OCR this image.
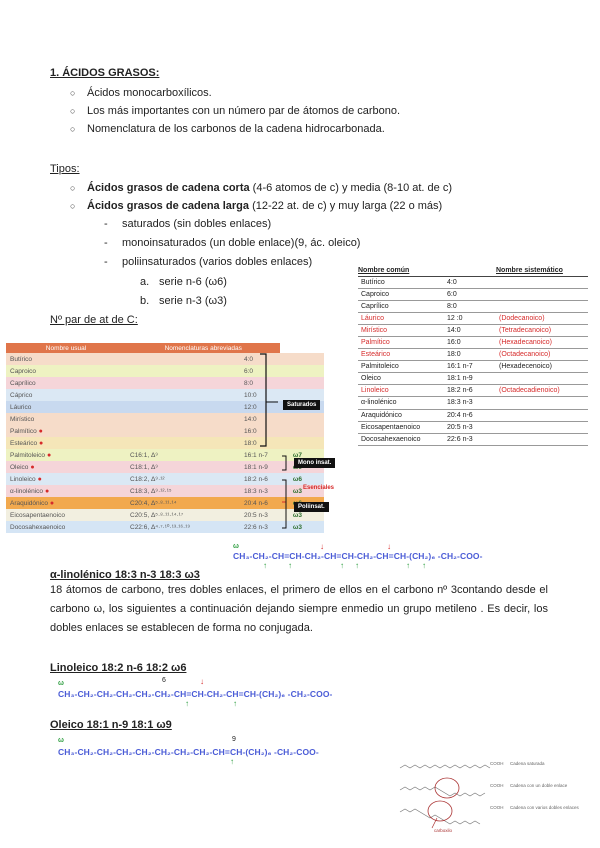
1. ÁCIDOS GRASOS:
○ Ácidos monocarboxílicos.
○ Los más importantes con un número par de átomos de carbono.
○ Nomenclatura de los carbonos de la cadena hidrocarbonada.
Tipos:
○ Ácidos grasos de cadena corta (4-6 atomos de c) y media (8-10 at. de c)
○ Ácidos grasos de cadena larga (12-22 at. de c) y muy larga (22 o más)
- saturados (sin dobles enlaces)
- monoinsaturados (un doble enlace)(9, ác. oleico)
- poliinsaturados (varios dobles enlaces)
a. serie n-6 (ω6)
b. serie n-3 (ω3)
Nº par de at de C:
Nombre común		Nombre sistemático
Butírico	4:0	
Caproico	6:0	
Caprílico	8:0	
Láurico	12 :0	(Dodecanoico)
Mirístico	14:0	(Tetradecanoico)
Palmítico	16:0	(Hexadecanoico)
Esteárico	18:0	(Octadecanoico)
Palmitoleico	16:1 n-7	(Hexadecenoico)
Oleico	18:1 n-9	
Linoleico	18:2 n-6	(Octadecadienoico)
α-linolénico	18:3 n-3	
Araquidónico	20:4 n-6	
Eicosapentaenoico	20:5 n-3	
Docosahexaenoico	22:6 n-3	
Nombre usual	Nomenclaturas abreviadas		
Butírico		4:0	
Caproico		6:0	
Caprílico		8:0	
Cáprico		10:0	
Láurico		12:0	
Mirístico		14:0	
Palmítico ●		16:0	
Esteárico ●		18:0	
Palmitoleico ●	C16:1, Δ⁹	16:1 n-7	ω7

Oleico ●	C18:1, Δ⁹	18:1 n-9	

Linoleico ●	C18:2, Δ⁹·¹²	18:2 n-6	ω6

α-linolénico ●	C18:3, Δ⁹·¹²·¹⁵	18:3 n-3	ω3

Araquidónico ●	C20:4, Δ⁵·⁸·¹¹·¹⁴	20:4 n-6	

Eicosapentaenoico	C20:5, Δ⁵·⁸·¹¹·¹⁴·¹⁷	20:5 n-3	ω3

Docosahexaenoico	C22:6, Δ⁴·⁷·¹⁰·¹³·¹⁶·¹⁹	22:6 n-3	ω3
Saturados
Mono insat.
Esenciales
Poliinsat.
ω	↓	↓
CH₃-CH₂-CH=CH-CH₂-CH=CH-CH₂-CH=CH-(CH₂)₆ -CH₂-COO-
↑	↑	↑ ↑	↑ ↑
α-linolénico 18:3 n-3 18:3 ω3
18 átomos de carbono, tres dobles enlaces, el primero de ellos en el carbono nº 3contando desde el carbono ω, los siguientes a continuación dejando siempre enmedio un grupo metileno . Es decir, los dobles enlaces se establecen de forma no conjugada.
Linoleico 18:2 n-6 18:2 ω6
ω	6	↓
CH₃-CH₂-CH₂-CH₂-CH₂-CH₂-CH=CH-CH₂-CH=CH-(CH₂)₆ -CH₂-COO-
↑	↑
Oleico 18:1 n-9 18:1 ω9
ω	9
CH₃-CH₂-CH₂-CH₂-CH₂-CH₂-CH₂-CH₂-CH=CH-(CH₂)₆ -CH₂-COO-
↑	COOH Cadena saturada
COOH Cadena con un doble enlace
COOH Cadena con varios dobles enlaces
carboxilo
